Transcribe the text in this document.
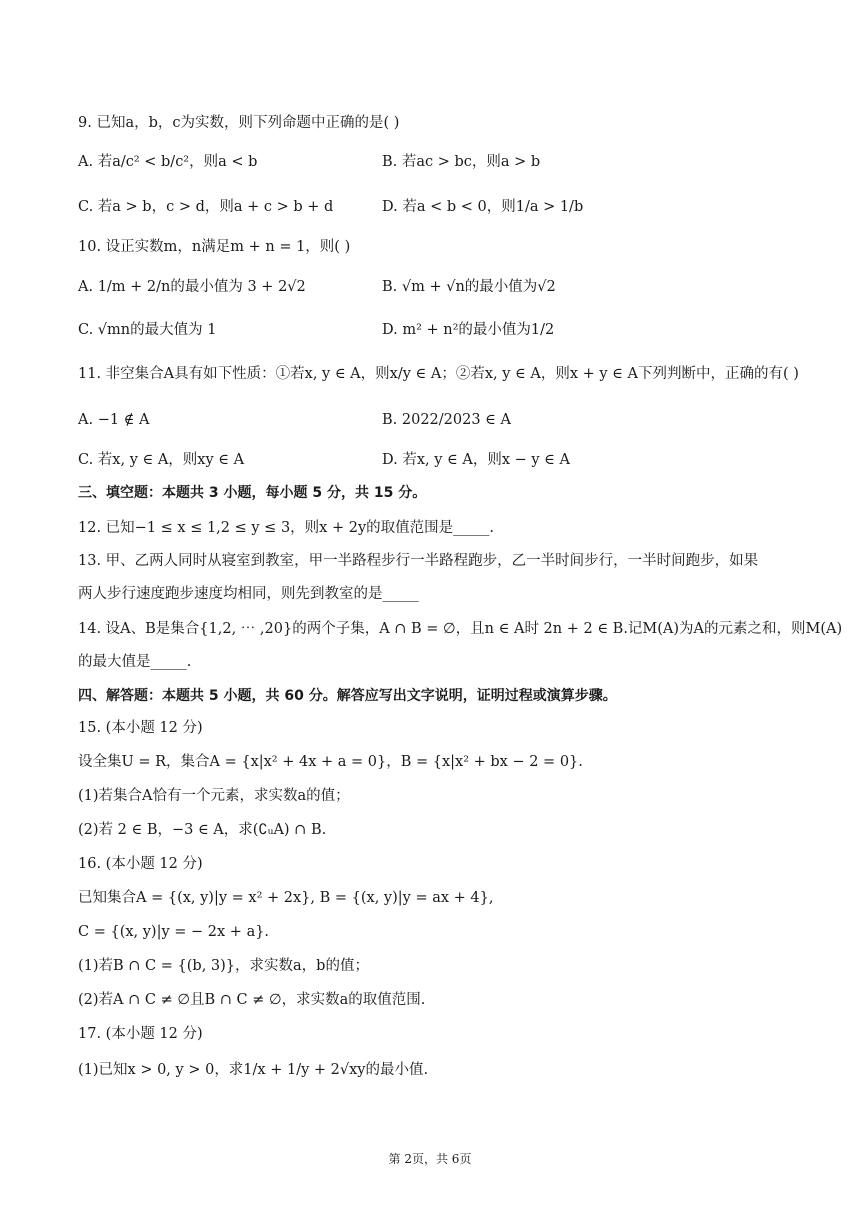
9. 已知a，b，c为实数，则下列命题中正确的是( )
A. 若a/c² < b/c²，则a < b	B. 若ac > bc，则a > b
C. 若a > b，c > d，则a + c > b + d	D. 若a < b < 0，则1/a > 1/b
10. 设正实数m，n满足m + n = 1，则( )
A. 1/m + 2/n的最小值为 3 + 2√2	B. √m + √n的最小值为√2
C. √mn的最大值为 1	D. m² + n²的最小值为1/2
11. 非空集合A具有如下性质：①若x, y ∈ A，则x/y ∈ A；②若x, y ∈ A，则x + y ∈ A下列判断中，正确的有( )
A. −1 ∉ A	B. 2022/2023 ∈ A
C. 若x, y ∈ A，则xy ∈ A	D. 若x, y ∈ A，则x − y ∈ A
三、填空题：本题共 3 小题，每小题 5 分，共 15 分。
12. 已知−1 ≤ x ≤ 1,2 ≤ y ≤ 3，则x + 2y的取值范围是_____.
13. 甲、乙两人同时从寝室到教室，甲一半路程步行一半路程跑步，乙一半时间步行，一半时间跑步，如果
两人步行速度跑步速度均相同，则先到教室的是_____
14. 设A、B是集合{1,2, ⋯ ,20}的两个子集，A ∩ B = ∅，且n ∈ A时 2n + 2 ∈ B.记M(A)为A的元素之和，则M(A)
的最大值是_____.
四、解答题：本题共 5 小题，共 60 分。解答应写出文字说明，证明过程或演算步骤。
15. (本小题 12 分)
设全集U = R，集合A = {x|x² + 4x + a = 0}，B = {x|x² + bx − 2 = 0}.
(1)若集合A恰有一个元素，求实数a的值；
(2)若 2 ∈ B，−3 ∈ A，求(∁ᵤA) ∩ B.
16. (本小题 12 分)
已知集合A = {(x, y)|y = x² + 2x}, B = {(x, y)|y = ax + 4},
C = {(x, y)|y = − 2x + a}.
(1)若B ∩ C = {(b, 3)}，求实数a，b的值；
(2)若A ∩ C ≠ ∅且B ∩ C ≠ ∅，求实数a的取值范围.
17. (本小题 12 分)
(1)已知x > 0, y > 0，求1/x + 1/y + 2√xy的最小值.
第 2页，共 6页
